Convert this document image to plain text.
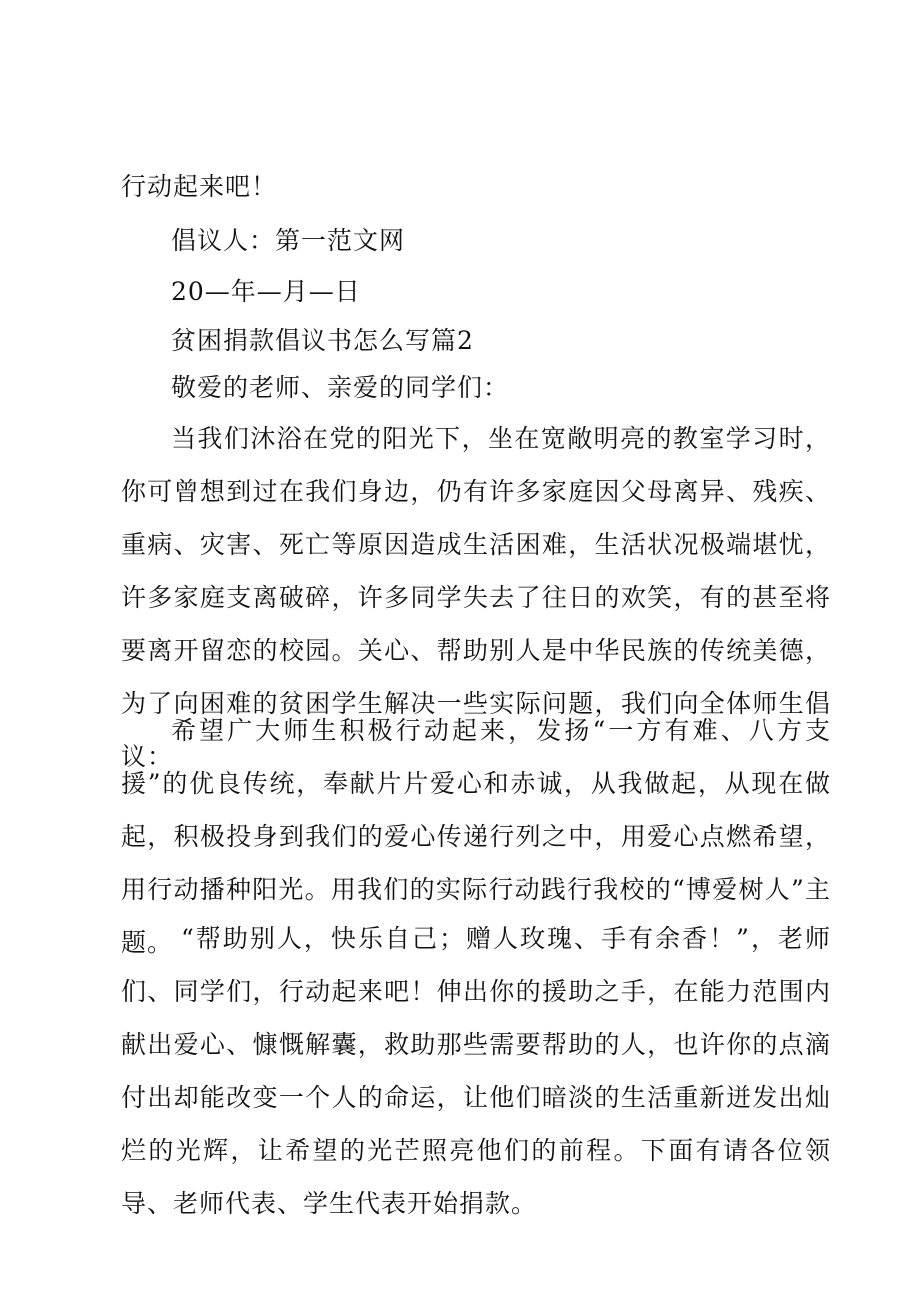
行动起来吧！
倡议人：第一范文网
20—年—月—日
贫困捐款倡议书怎么写篇2
敬爱的老师、亲爱的同学们：

当我们沐浴在党的阳光下，坐在宽敞明亮的教室学习时，你可曾想到过在我们身边，仍有许多家庭因父母离异、残疾、重病、灾害、死亡等原因造成生活困难，生活状况极端堪忧，许多家庭支离破碎，许多同学失去了往日的欢笑，有的甚至将要离开留恋的校园。关心、帮助别人是中华民族的传统美德，为了向困难的贫困学生解决一些实际问题，我们向全体师生倡议：

希望广大师生积极行动起来，发扬“一方有难、八方支援”的优良传统，奉献片片爱心和赤诚，从我做起，从现在做起，积极投身到我们的爱心传递行列之中，用爱心点燃希望，用行动播种阳光。用我们的实际行动践行我校的“博爱树人”主题。 “帮助别人，快乐自己；赠人玫瑰、手有余香！”，老师们、同学们，行动起来吧！伸出你的援助之手，在能力范围内献出爱心、慷慨解囊，救助那些需要帮助的人，也许你的点滴付出却能改变一个人的命运，让他们暗淡的生活重新迸发出灿烂的光辉，让希望的光芒照亮他们的前程。下面有请各位领导、老师代表、学生代表开始捐款。
